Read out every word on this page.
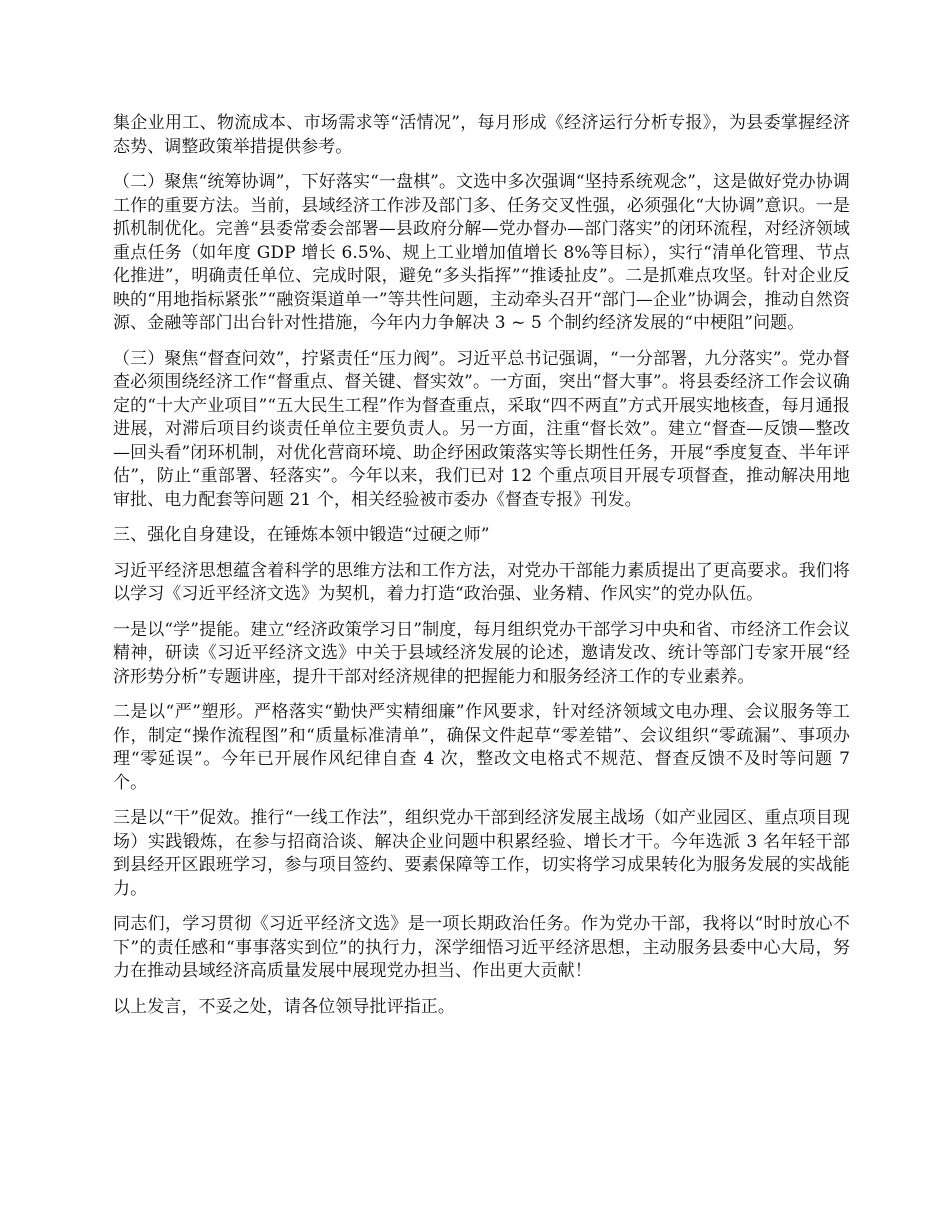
集企业用工、物流成本、市场需求等“活情况”，每月形成《经济运行分析专报》，为县委掌握经济态势、调整政策举措提供参考。

（二）聚焦“统筹协调”，下好落实“一盘棋”。文选中多次强调“坚持系统观念”，这是做好党办协调工作的重要方法。当前，县域经济工作涉及部门多、任务交叉性强，必须强化“大协调”意识。一是抓机制优化。完善“县委常委会部署—县政府分解—党办督办—部门落实”的闭环流程，对经济领域重点任务（如年度 GDP 增长 6.5%、规上工业增加值增长 8%等目标），实行“清单化管理、节点化推进”，明确责任单位、完成时限，避免“多头指挥”“推诿扯皮”。二是抓难点攻坚。针对企业反映的“用地指标紧张”“融资渠道单一”等共性问题，主动牵头召开“部门—企业”协调会，推动自然资源、金融等部门出台针对性措施，今年内力争解决 3 ~ 5 个制约经济发展的“中梗阻”问题。

（三）聚焦“督查问效”，拧紧责任“压力阀”。习近平总书记强调，“一分部署，九分落实”。党办督查必须围绕经济工作“督重点、督关键、督实效”。一方面，突出“督大事”。将县委经济工作会议确定的“十大产业项目”“五大民生工程”作为督查重点，采取“四不两直”方式开展实地核查，每月通报进展，对滞后项目约谈责任单位主要负责人。另一方面，注重“督长效”。建立“督查—反馈—整改—回头看”闭环机制，对优化营商环境、助企纾困政策落实等长期性任务，开展“季度复查、半年评估”，防止“重部署、轻落实”。今年以来，我们已对 12 个重点项目开展专项督查，推动解决用地审批、电力配套等问题 21 个，相关经验被市委办《督查专报》刊发。

三、强化自身建设，在锤炼本领中锻造“过硬之师”

习近平经济思想蕴含着科学的思维方法和工作方法，对党办干部能力素质提出了更高要求。我们将以学习《习近平经济文选》为契机，着力打造“政治强、业务精、作风实”的党办队伍。

一是以“学”提能。建立“经济政策学习日”制度，每月组织党办干部学习中央和省、市经济工作会议精神，研读《习近平经济文选》中关于县域经济发展的论述，邀请发改、统计等部门专家开展“经济形势分析”专题讲座，提升干部对经济规律的把握能力和服务经济工作的专业素养。

二是以“严”塑形。严格落实“勤快严实精细廉”作风要求，针对经济领域文电办理、会议服务等工作，制定“操作流程图”和“质量标准清单”，确保文件起草“零差错”、会议组织“零疏漏”、事项办理“零延误”。今年已开展作风纪律自查 4 次，整改文电格式不规范、督查反馈不及时等问题 7 个。

三是以“干”促效。推行“一线工作法”，组织党办干部到经济发展主战场（如产业园区、重点项目现场）实践锻炼，在参与招商洽谈、解决企业问题中积累经验、增长才干。今年选派 3 名年轻干部到县经开区跟班学习，参与项目签约、要素保障等工作，切实将学习成果转化为服务发展的实战能力。

同志们，学习贯彻《习近平经济文选》是一项长期政治任务。作为党办干部，我将以“时时放心不下”的责任感和“事事落实到位”的执行力，深学细悟习近平经济思想，主动服务县委中心大局，努力在推动县域经济高质量发展中展现党办担当、作出更大贡献！

以上发言，不妥之处，请各位领导批评指正。
